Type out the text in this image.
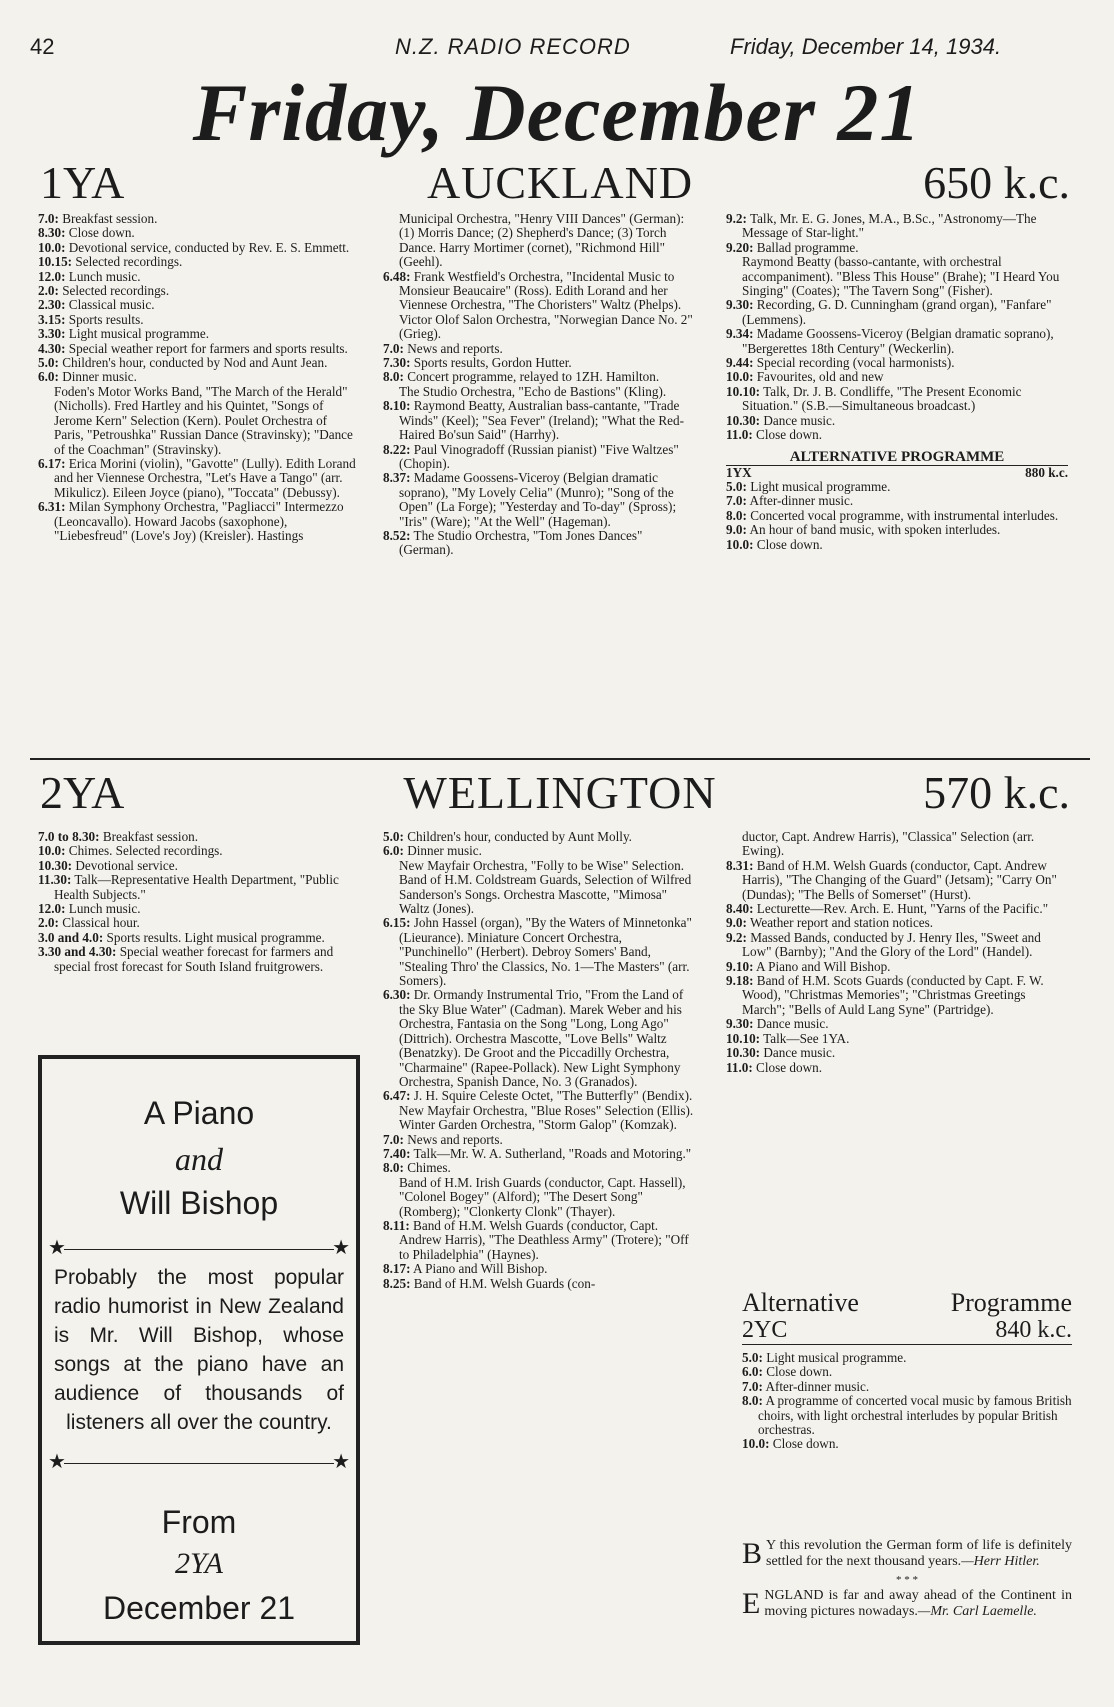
42	N.Z. RADIO RECORD	Friday, December 14, 1934.
Friday, December 21
AUCKLAND
1YA	650 k.c.

7.0: Breakfast session.

8.30: Close down.

10.0: Devotional service, conducted by Rev. E. S. Emmett.

10.15: Selected recordings.

12.0: Lunch music.

2.0: Selected recordings.

2.30: Classical music.

3.15: Sports results.

3.30: Light musical programme.

4.30: Special weather report for farmers and sports results.

5.0: Children's hour, conducted by Nod and Aunt Jean.

6.0: Dinner music.

Foden's Motor Works Band, "The March of the Herald" (Nicholls). Fred Hartley and his Quintet, "Songs of Jerome Kern" Selection (Kern). Poulet Orchestra of Paris, "Petroushka" Russian Dance (Stravinsky); "Dance of the Coachman" (Stravinsky).

6.17: Erica Morini (violin), "Gavotte" (Lully). Edith Lorand and her Viennese Orchestra, "Let's Have a Tango" (arr. Mikulicz). Eileen Joyce (piano), "Toccata" (Debussy).

6.31: Milan Symphony Orchestra, "Pagliacci" Intermezzo (Leoncavallo). Howard Jacobs (saxophone), "Liebesfreud" (Love's Joy) (Kreisler). Hastings

Municipal Orchestra, "Henry VIII Dances" (German): (1) Morris Dance; (2) Shepherd's Dance; (3) Torch Dance. Harry Mortimer (cornet), "Richmond Hill" (Geehl).

6.48: Frank Westfield's Orchestra, "Incidental Music to Monsieur Beaucaire" (Ross). Edith Lorand and her Viennese Orchestra, "The Choristers" Waltz (Phelps). Victor Olof Salon Orchestra, "Norwegian Dance No. 2" (Grieg).

7.0: News and reports.

7.30: Sports results, Gordon Hutter.

8.0: Concert programme, relayed to 1ZH. Hamilton.

The Studio Orchestra, "Echo de Bastions" (Kling).

8.10: Raymond Beatty, Australian bass-cantante, "Trade Winds" (Keel); "Sea Fever" (Ireland); "What the Red-Haired Bo'sun Said" (Harrhy).

8.22: Paul Vinogradoff (Russian pianist) "Five Waltzes" (Chopin).

8.37: Madame Goossens-Viceroy (Belgian dramatic soprano), "My Lovely Celia" (Munro); "Song of the Open" (La Forge); "Yesterday and To-day" (Spross); "Iris" (Ware); "At the Well" (Hageman).

8.52: The Studio Orchestra, "Tom Jones Dances" (German).

9.2: Talk, Mr. E. G. Jones, M.A., B.Sc., "Astronomy—The Message of Star-light."

9.20: Ballad programme.

Raymond Beatty (basso-cantante, with orchestral accompaniment). "Bless This House" (Brahe); "I Heard You Singing" (Coates); "The Tavern Song" (Fisher).

9.30: Recording, G. D. Cunningham (grand organ), "Fanfare" (Lemmens).

9.34: Madame Goossens-Viceroy (Belgian dramatic soprano), "Bergerettes 18th Century" (Weckerlin).

9.44: Special recording (vocal harmonists).

10.0: Favourites, old and new

10.10: Talk, Dr. J. B. Condliffe, "The Present Economic Situation." (S.B.—Simultaneous broadcast.)

10.30: Dance music.

11.0: Close down.

ALTERNATIVE PROGRAMME

1YX	880 k.c.

5.0: Light musical programme.

7.0: After-dinner music.

8.0: Concerted vocal programme, with instrumental interludes.

9.0: An hour of band music, with spoken interludes.

10.0: Close down.

WELLINGTON
2YA	570 k.c.

7.0 to 8.30: Breakfast session.

10.0: Chimes. Selected recordings.

10.30: Devotional service.

11.30: Talk—Representative Health Department, "Public Health Subjects."

12.0: Lunch music.

2.0: Classical hour.

3.0 and 4.0: Sports results. Light musical programme.

3.30 and 4.30: Special weather forecast for farmers and special frost forecast for South Island fruitgrowers.

5.0: Children's hour, conducted by Aunt Molly.

6.0: Dinner music.

New Mayfair Orchestra, "Folly to be Wise" Selection. Band of H.M. Coldstream Guards, Selection of Wilfred Sanderson's Songs. Orchestra Mascotte, "Mimosa" Waltz (Jones).

6.15: John Hassel (organ), "By the Waters of Minnetonka" (Lieurance). Miniature Concert Orchestra, "Punchinello" (Herbert). Debroy Somers' Band, "Stealing Thro' the Classics, No. 1—The Masters" (arr. Somers).

6.30: Dr. Ormandy Instrumental Trio, "From the Land of the Sky Blue Water" (Cadman). Marek Weber and his Orchestra, Fantasia on the Song "Long, Long Ago" (Dittrich). Orchestra Mascotte, "Love Bells" Waltz (Benatzky). De Groot and the Piccadilly Orchestra, "Charmaine" (Rapee-Pollack). New Light Symphony Orchestra, Spanish Dance, No. 3 (Granados).

6.47: J. H. Squire Celeste Octet, "The Butterfly" (Bendix). New Mayfair Orchestra, "Blue Roses" Selection (Ellis). Winter Garden Orchestra, "Storm Galop" (Komzak).

7.0: News and reports.

7.40: Talk—Mr. W. A. Sutherland, "Roads and Motoring."

8.0: Chimes.

Band of H.M. Irish Guards (conductor, Capt. Hassell), "Colonel Bogey" (Alford); "The Desert Song" (Romberg); "Clonkerty Clonk" (Thayer).

8.11: Band of H.M. Welsh Guards (conductor, Capt. Andrew Harris), "The Deathless Army" (Trotere); "Off to Philadelphia" (Haynes).

8.17: A Piano and Will Bishop.

8.25: Band of H.M. Welsh Guards (con-

ductor, Capt. Andrew Harris), "Classica" Selection (arr. Ewing).

8.31: Band of H.M. Welsh Guards (conductor, Capt. Andrew Harris), "The Changing of the Guard" (Jetsam); "Carry On" (Dundas); "The Bells of Somerset" (Hurst).

8.40: Lecturette—Rev. Arch. E. Hunt, "Yarns of the Pacific."

9.0: Weather report and station notices.

9.2: Massed Bands, conducted by J. Henry Iles, "Sweet and Low" (Barnby); "And the Glory of the Lord" (Handel).

9.10: A Piano and Will Bishop.

9.18: Band of H.M. Scots Guards (conducted by Capt. F. W. Wood), "Christmas Memories"; "Christmas Greetings March"; "Bells of Auld Lang Syne" (Partridge).

9.30: Dance music.

10.10: Talk—See 1YA.

10.30: Dance music.

11.0: Close down.

A Piano
and
Will Bishop
★	★
Probably the most popular radio humorist in New Zealand is Mr. Will Bishop, whose songs at the piano have an audience of thousands of listeners all over the country.
★	★
From
2YA
December 21
Alternative	Programme
2YC	840 k.c.

5.0: Light musical programme.

6.0: Close down.

7.0: After-dinner music.

8.0: A programme of concerted vocal music by famous British choirs, with light orchestral interludes by popular British orchestras.

10.0: Close down.

B Y this revolution the German form of life is definitely settled for the next thousand years.—Herr Hitler.

* * *

ENGLAND is far and away ahead of the Continent in moving pictures nowadays.—Mr. Carl Laemelle.
